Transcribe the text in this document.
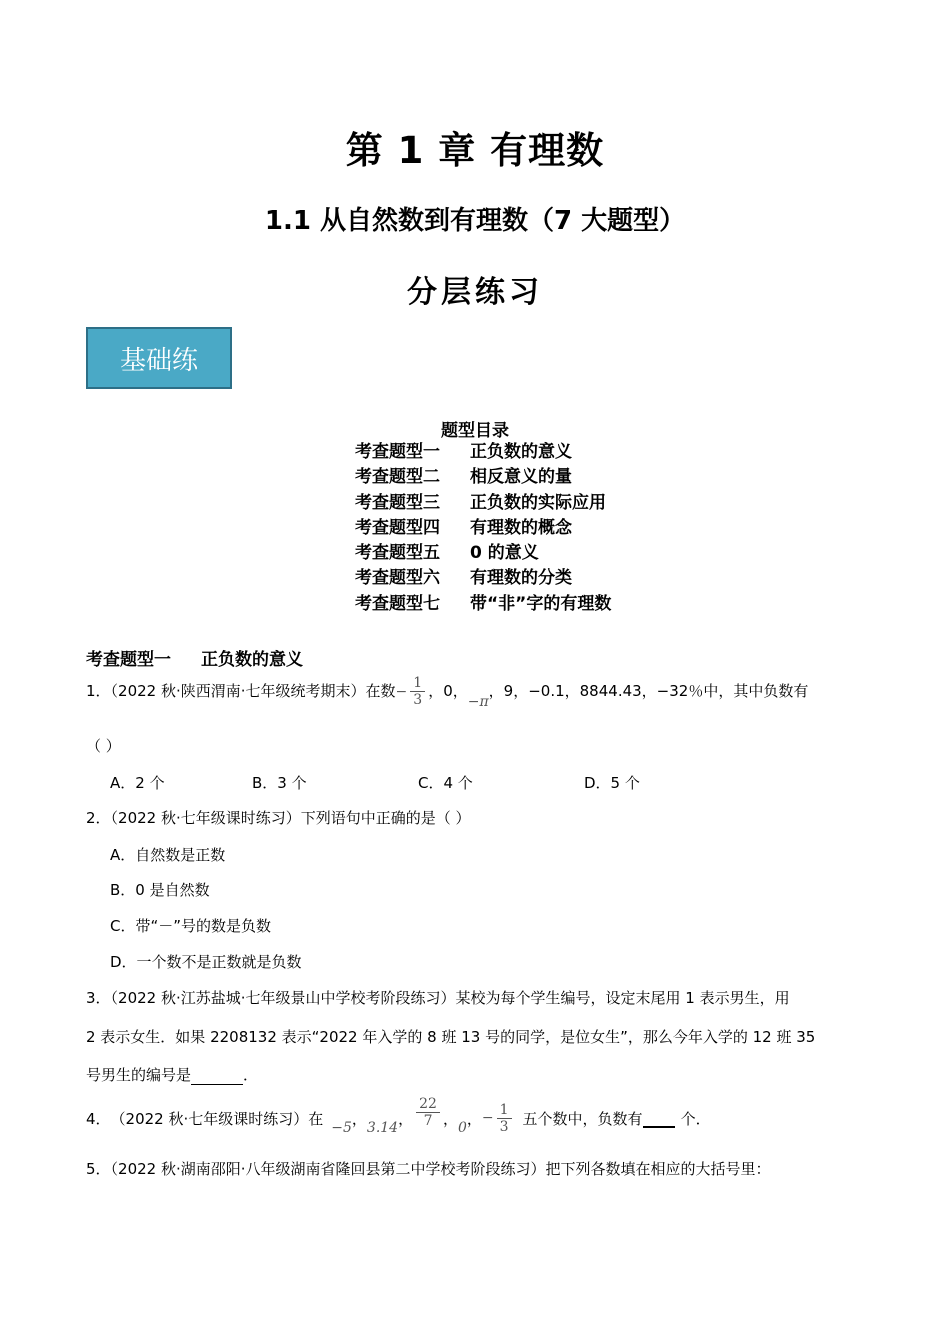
第 1 章 有理数
1.1 从自然数到有理数（7 大题型）
分层练习
基础练
题型目录
考查题型一 正负数的意义
考查题型二 相反意义的量
考查题型三 正负数的实际应用
考查题型四 有理数的概念
考查题型五 0 的意义
考查题型六 有理数的分类
考查题型七 带“非”字的有理数
考查题型一 正负数的意义
1．（2022 秋·陕西渭南·七年级统考期末）在数− $\frac{1}{3}$ ，0，−π，9，−0.1，8844.43，−32％中，其中负数有
（ ）
A．2 个	B．3 个	C．4 个	D．5 个
2．（2022 秋·七年级课时练习）下列语句中正确的是（ ）
A．自然数是正数
B．0 是自然数
C．带“－”号的数是负数
D．一个数不是正数就是负数
3．（2022 秋·江苏盐城·七年级景山中学校考阶段练习）某校为每个学生编号，设定末尾用 1 表示男生，用
2 表示女生．如果 2208132 表示“2022 年入学的 8 班 13 号的同学，是位女生”，那么今年入学的 12 班 35
号男生的编号是	．
4． （2022 秋·七年级课时练习）在
−5
，
3.14
， $\frac{22}{7}$ ，
0
， − $\frac{1}{3}$ 五个数中，负数有
	个．
5．（2022 秋·湖南邵阳·八年级湖南省隆回县第二中学校考阶段练习）把下列各数填在相应的大括号里：
